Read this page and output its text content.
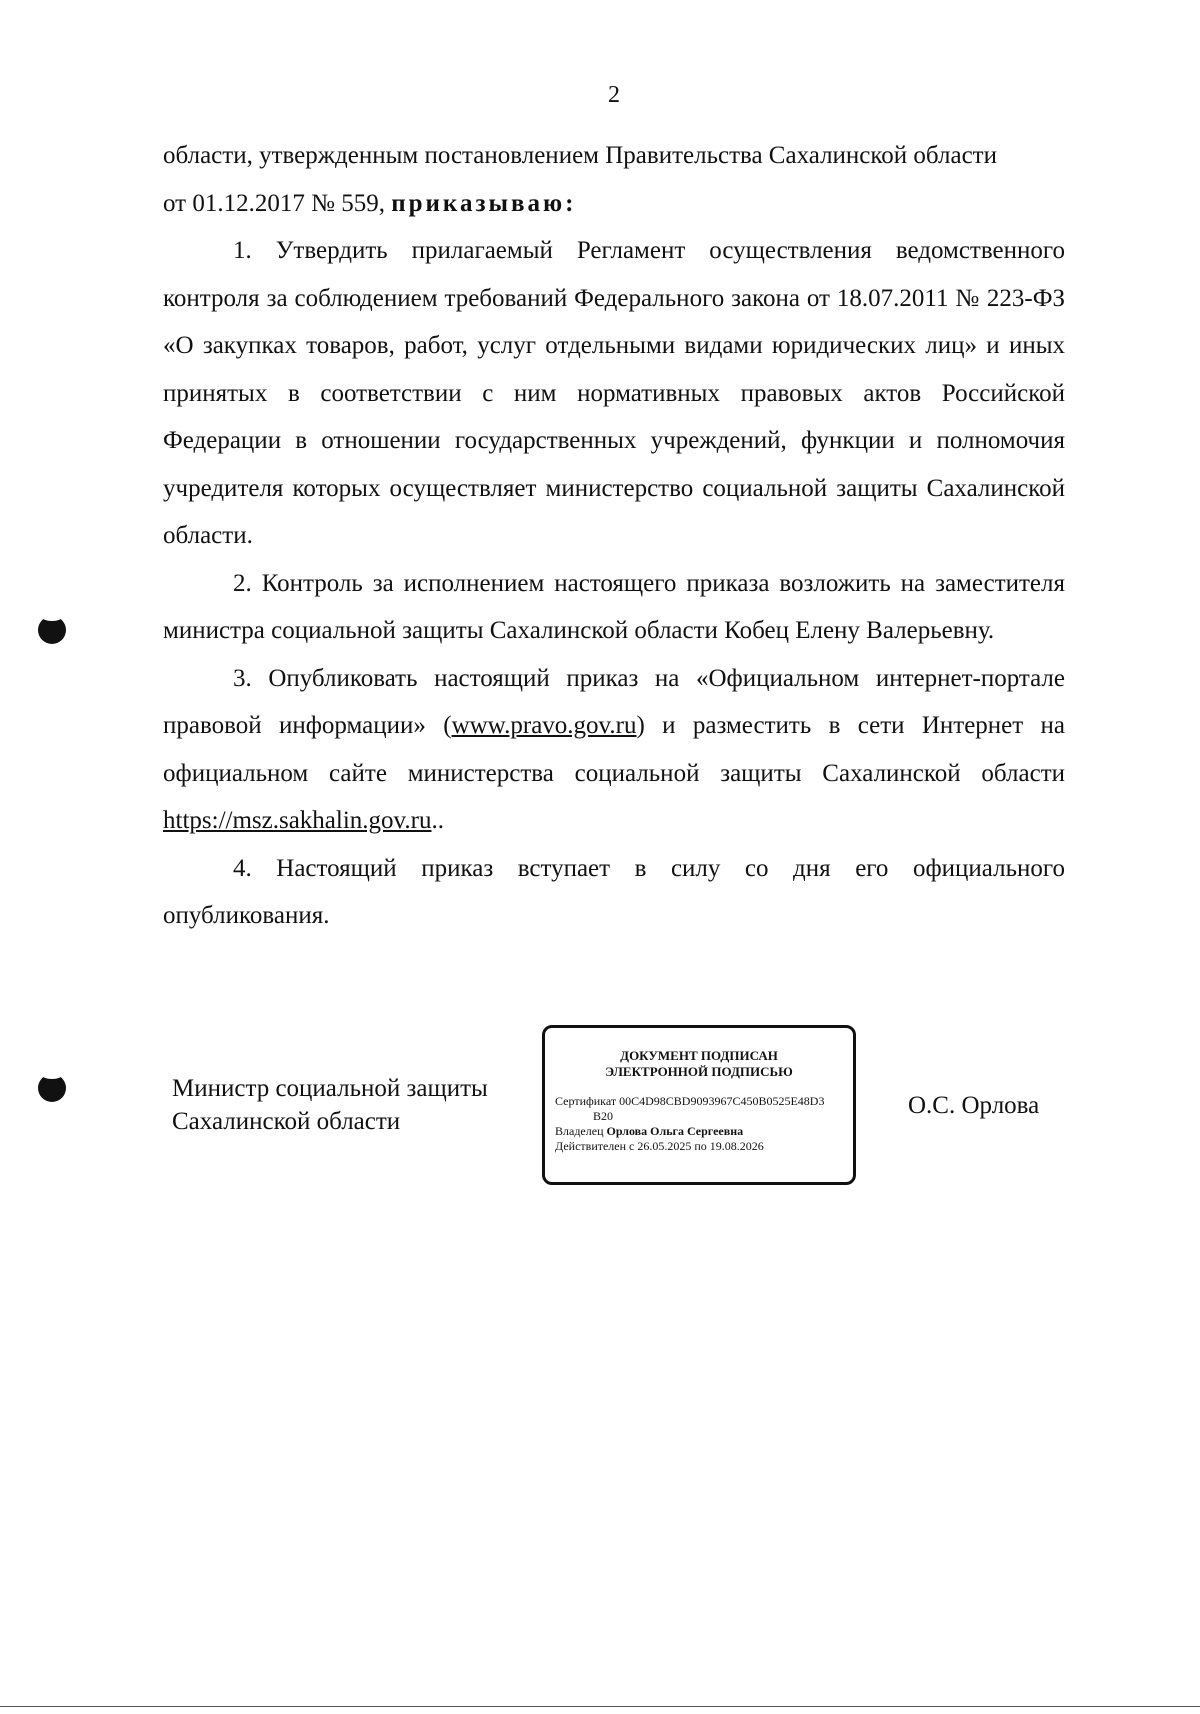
2

области, утвержденным постановлением Правительства Сахалинской области
от 01.12.2017 № 559, приказываю:

1. Утвердить прилагаемый Регламент осуществления ведомственного контроля за соблюдением требований Федерального закона от 18.07.2011 № 223-ФЗ «О закупках товаров, работ, услуг отдельными видами юридических лиц» и иных принятых в соответствии с ним нормативных правовых актов Российской Федерации в отношении государственных учреждений, функции и полномочия учредителя которых осуществляет министерство социальной защиты Сахалинской области.

2. Контроль за исполнением настоящего приказа возложить на заместителя министра социальной защиты Сахалинской области Кобец Елену Валерьевну.

3. Опубликовать настоящий приказ на «Официальном интернет-портале правовой информации» (www.pravo.gov.ru) и разместить в сети Интернет на официальном сайте министерства социальной защиты Сахалинской области https://msz.sakhalin.gov.ru..

4. Настоящий приказ вступает в силу со дня его официального опубликования.

Министр социальной защиты
Сахалинской области
ДОКУМЕНТ ПОДПИСАН
ЭЛЕКТРОННОЙ ПОДПИСЬЮ
Сертификат 00C4D98CBD9093967C450B0525E48D3
B20
Владелец Орлова Ольга Сергеевна
Действителен с 26.05.2025 по 19.08.2026
О.С. Орлова
